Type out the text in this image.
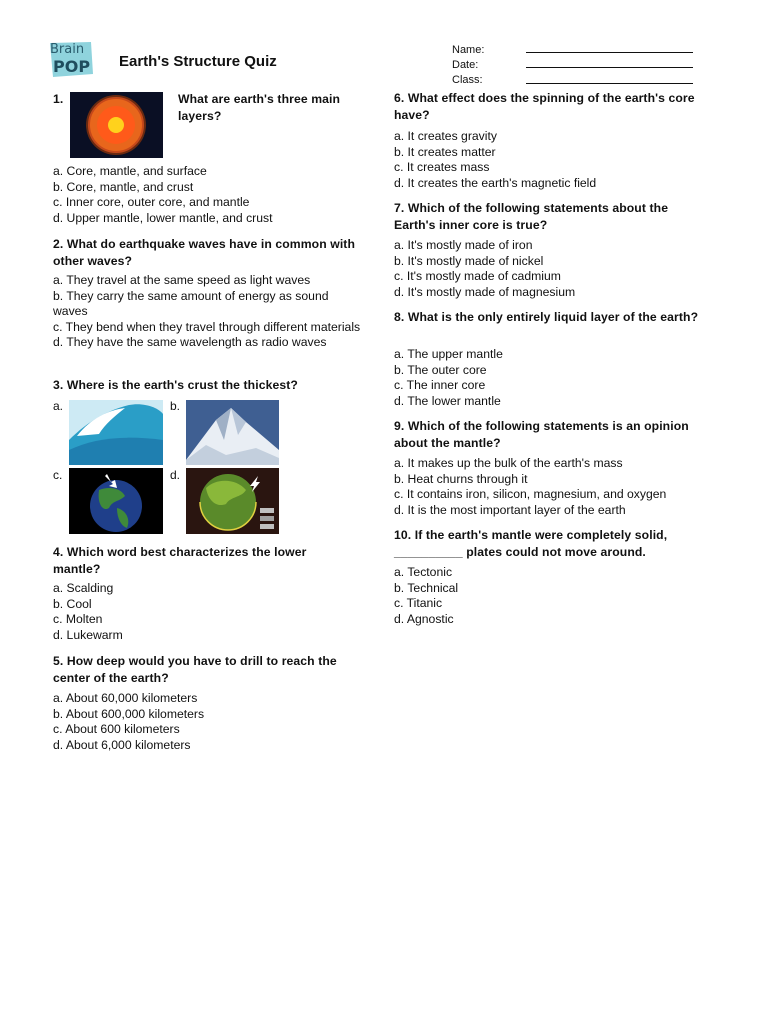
Brain
POP Earth's Structure Quiz
Name:
Date:
Class:
1.	What are earth's three main layers?
a. Core, mantle, and surface
b. Core, mantle, and crust
c. Inner core, outer core, and mantle
d. Upper mantle, lower mantle, and crust
2. What do earthquake waves have in common with other waves?
a. They travel at the same speed as light waves
b. They carry the same amount of energy as sound waves
c. They bend when they travel through different materials
d. They have the same wavelength as radio waves
3. Where is the earth's crust the thickest?
a.	b.
c.	d.
4. Which word best characterizes the lower mantle?
a. Scalding
b. Cool
c. Molten
d. Lukewarm
5. How deep would you have to drill to reach the center of the earth?
a. About 60,000 kilometers
b. About 600,000 kilometers
c. About 600 kilometers
d. About 6,000 kilometers
6. What effect does the spinning of the earth's core have?
a. It creates gravity
b. It creates matter
c. It creates mass
d. It creates the earth's magnetic field
7. Which of the following statements about the Earth's inner core is true?
a. It's mostly made of iron
b. It's mostly made of nickel
c. It's mostly made of cadmium
d. It's mostly made of magnesium
8. What is the only entirely liquid layer of the earth?
a. The upper mantle
b. The outer core
c. The inner core
d. The lower mantle
9. Which of the following statements is an opinion about the mantle?
a. It makes up the bulk of the earth's mass
b. Heat churns through it
c. It contains iron, silicon, magnesium, and oxygen
d. It is the most important layer of the earth
10. If the earth's mantle were completely solid, __________ plates could not move around.
a. Tectonic
b. Technical
c. Titanic
d. Agnostic
